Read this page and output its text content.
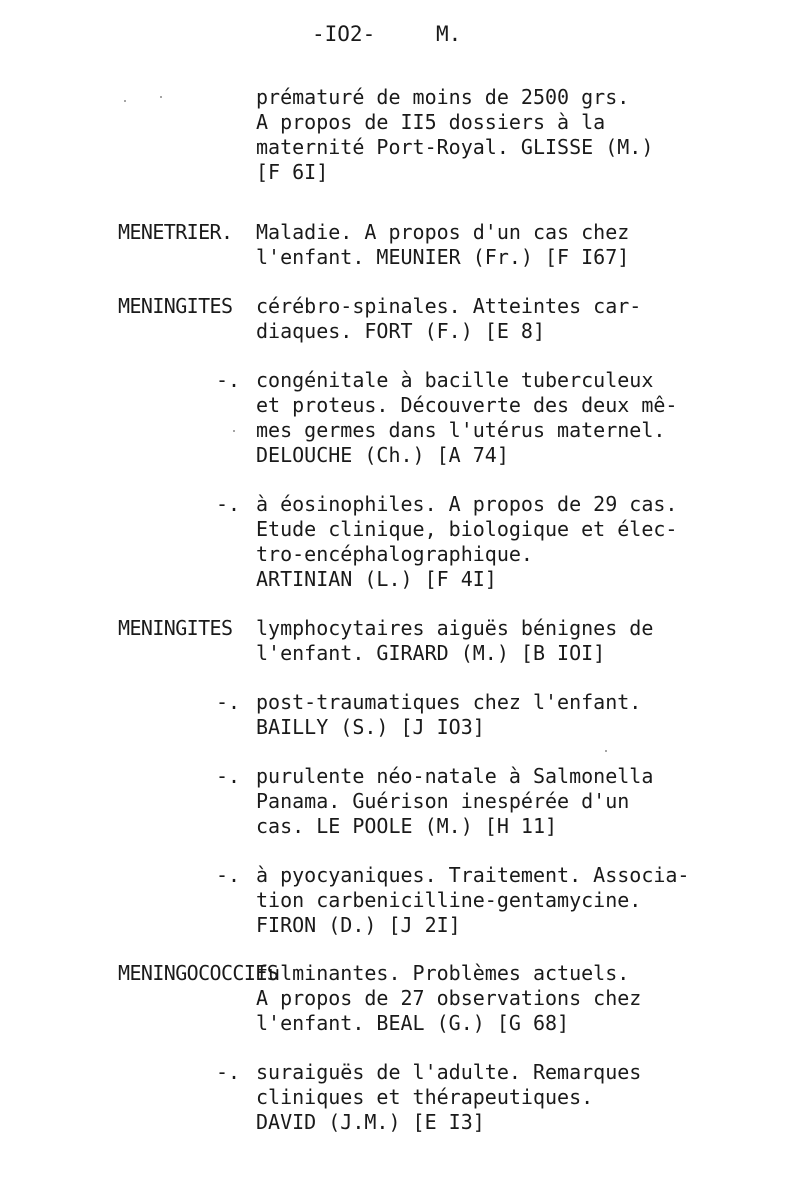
-IO2-	M.
prématuré de moins de 2500 grs.
A propos de II5 dossiers à la
maternité Port-Royal. GLISSE (M.)
[F 6I]
MENETRIER. Maladie. A propos d'un cas chez
l'enfant. MEUNIER (Fr.) [F I67]
MENINGITES cérébro-spinales. Atteintes car-
diaques. FORT (F.) [E 8]
-. congénitale à bacille tuberculeux
et proteus. Découverte des deux mê-
mes germes dans l'utérus maternel.
DELOUCHE (Ch.) [A 74]
-. à éosinophiles. A propos de 29 cas.
Etude clinique, biologique et élec-
tro-encéphalographique.
ARTINIAN (L.) [F 4I]
MENINGITES lymphocytaires aiguës bénignes de
l'enfant. GIRARD (M.) [B IOI]
-. post-traumatiques chez l'enfant.
BAILLY (S.) [J IO3]
-. purulente néo-natale à Salmonella
Panama. Guérison inespérée d'un
cas. LE POOLE (M.) [H 11]
-. à pyocyaniques. Traitement. Associa-
tion carbenicilline-gentamycine.
FIRON (D.) [J 2I]
MENINGOCOCCIES
fulminantes. Problèmes actuels.
A propos de 27 observations chez
l'enfant. BEAL (G.) [G 68]
-. suraiguës de l'adulte. Remarques
cliniques et thérapeutiques.
DAVID (J.M.) [E I3]
